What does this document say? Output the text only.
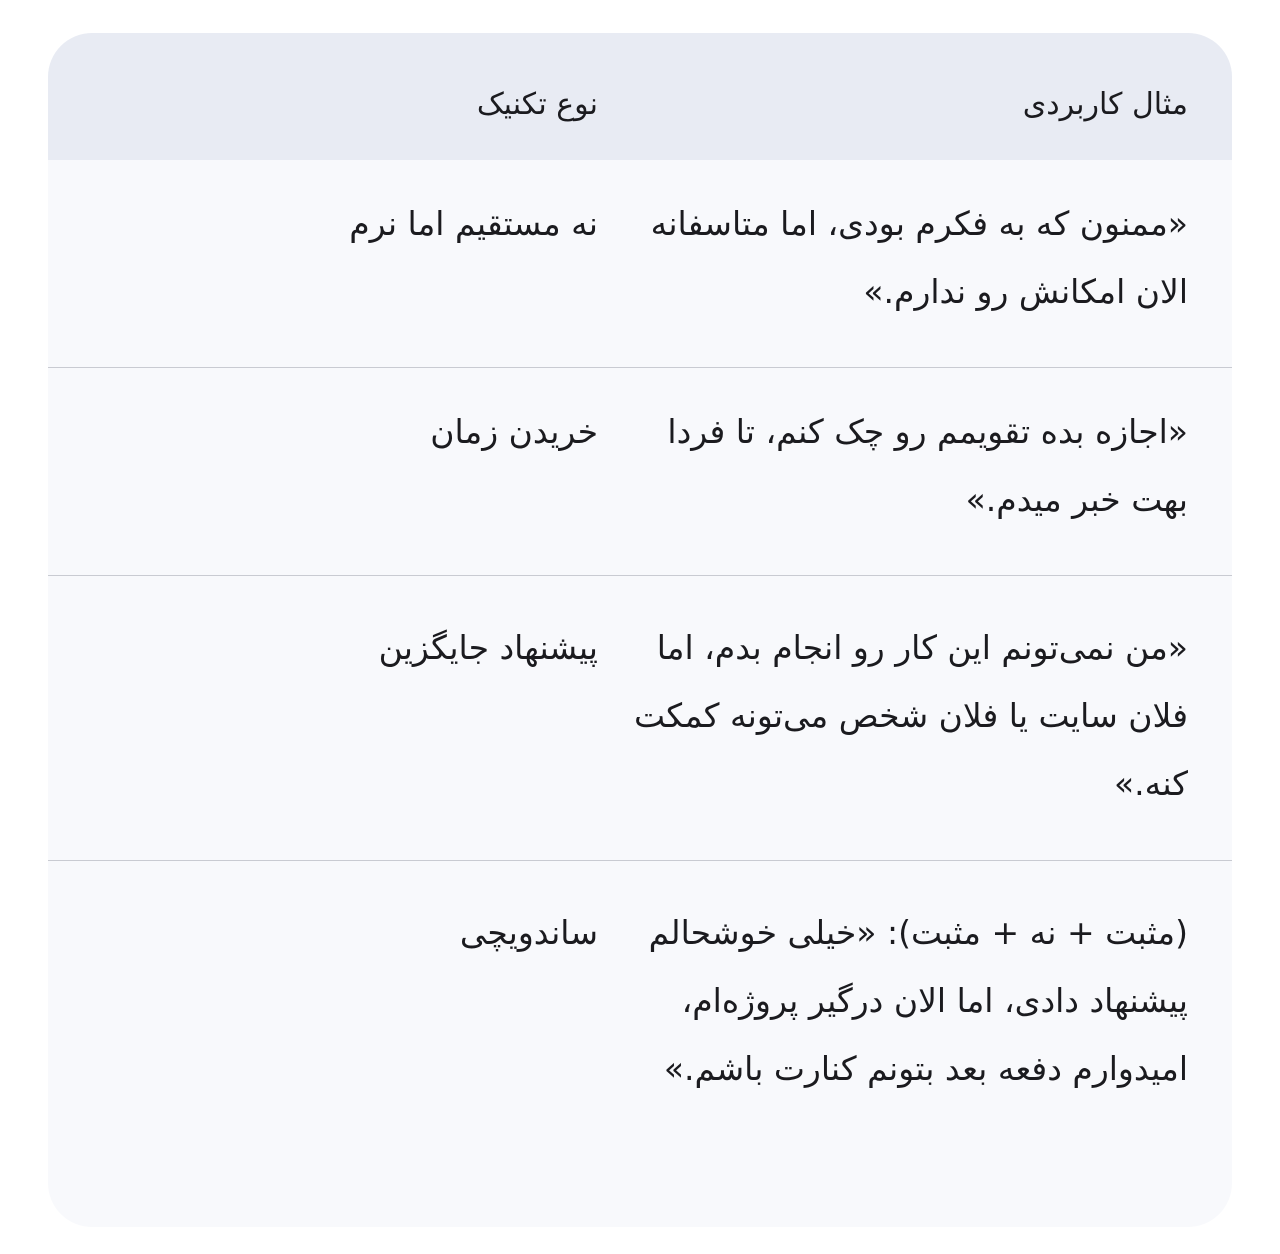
مثال کاربردی
نوع تکنیک
«ممنون که به فکرم بودی، اما متاسفانه
الان امکانش رو ندارم.»
نه مستقیم اما نرم
«اجازه بده تقویمم رو چک کنم، تا فردا
بهت خبر میدم.»
خریدن زمان
«من نمی‌تونم این کار رو انجام بدم، اما
فلان سایت یا فلان شخص می‌تونه کمکت
کنه.»
پیشنهاد جایگزین
(مثبت + نه + مثبت): «خیلی خوشحالم
پیشنهاد دادی، اما الان درگیر پروژه‌ام،
امیدوارم دفعه بعد بتونم کنارت باشم.»
ساندویچی
